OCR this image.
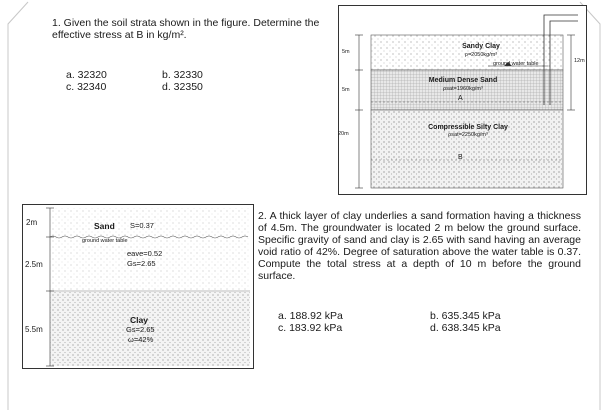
1. Given the soil strata shown in the figure. Determine the effective stress at B in kg/m².
a. 32320
c. 32340
b. 32330
d. 32350
Sandy Clay
ρ=2050kg/m³
ground water table
Medium Dense Sand
ρsat=1960kg/m³
A
Compressible Silty Clay
ρsat=2250kg/m³
B
5m
5m
20m
12m
Sand S=0.37
ground water table
eave=0.52
Gs=2.65
Clay
Gs=2.65
ω=42%
2m
2.5m
5.5m
2. A thick layer of clay underlies a sand formation having a thickness of 4.5m. The groundwater is located 2 m below the ground surface. Specific gravity of sand and clay is 2.65 with sand having an average void ratio of 42%. Degree of saturation above the water table is 0.37. Compute the total stress at a depth of 10 m before the ground surface.
a. 188.92 kPa
c. 183.92 kPa
b. 635.345 kPa
d. 638.345 kPa
